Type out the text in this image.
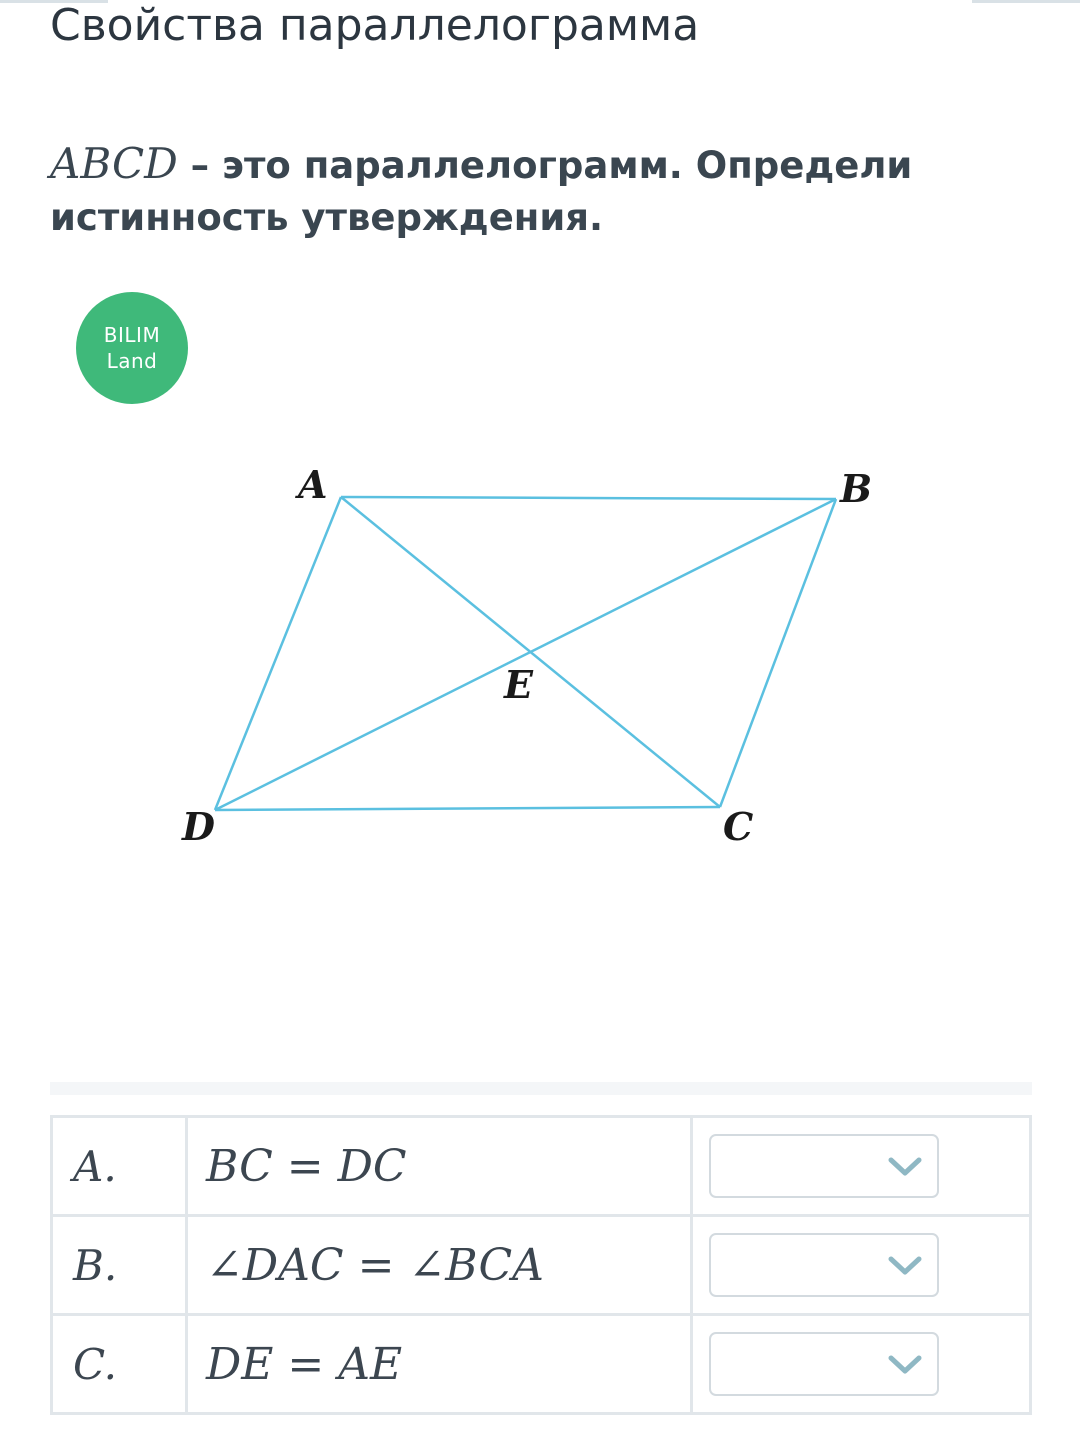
Свойства параллелограмма
ABCD – это параллелограмм. Определи истинность утверждения.
BILIM
Land
A	B
C
D
E
A.	BC = DC	

B.	∠DAC = ∠BCA	

C.	DE = AE	
